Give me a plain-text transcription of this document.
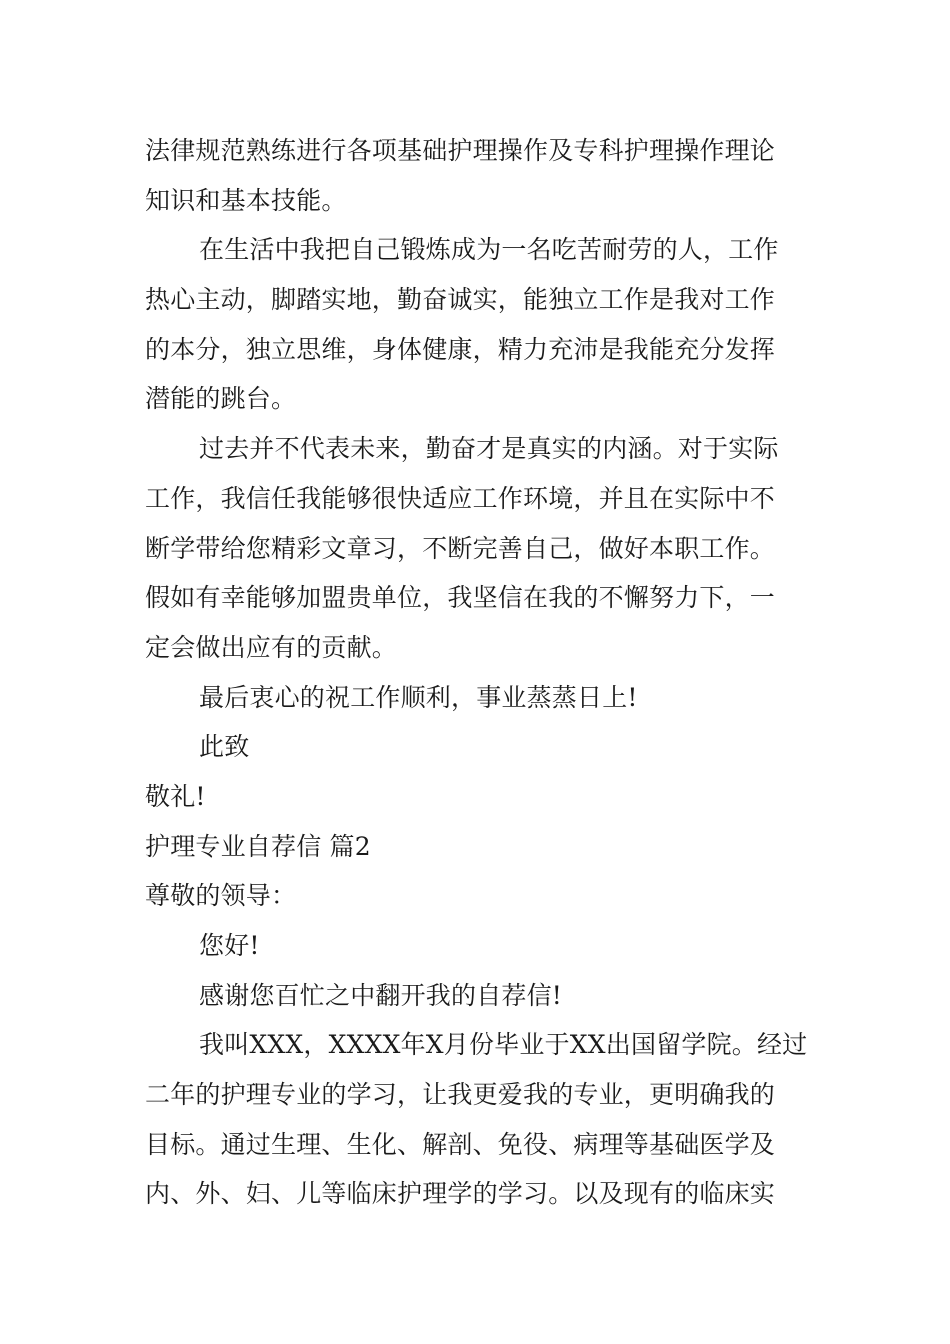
法律规范熟练进行各项基础护理操作及专科护理操作理论
知识和基本技能。
在生活中我把自己锻炼成为一名吃苦耐劳的人，工作
热心主动，脚踏实地，勤奋诚实，能独立工作是我对工作
的本分，独立思维，身体健康，精力充沛是我能充分发挥
潜能的跳台。
过去并不代表未来，勤奋才是真实的内涵。对于实际
工作，我信任我能够很快适应工作环境，并且在实际中不
断学带给您精彩文章习，不断完善自己，做好本职工作。
假如有幸能够加盟贵单位，我坚信在我的不懈努力下，一
定会做出应有的贡献。
最后衷心的祝工作顺利，事业蒸蒸日上!
此致
敬礼!
护理专业自荐信 篇2
尊敬的领导：
您好!
感谢您百忙之中翻开我的自荐信!
我叫XXX，XXXX年X月份毕业于XX出国留学院。经过
二年的护理专业的学习，让我更爱我的专业，更明确我的
目标。通过生理、生化、解剖、免役、病理等基础医学及
内、外、妇、儿等临床护理学的学习。以及现有的临床实
